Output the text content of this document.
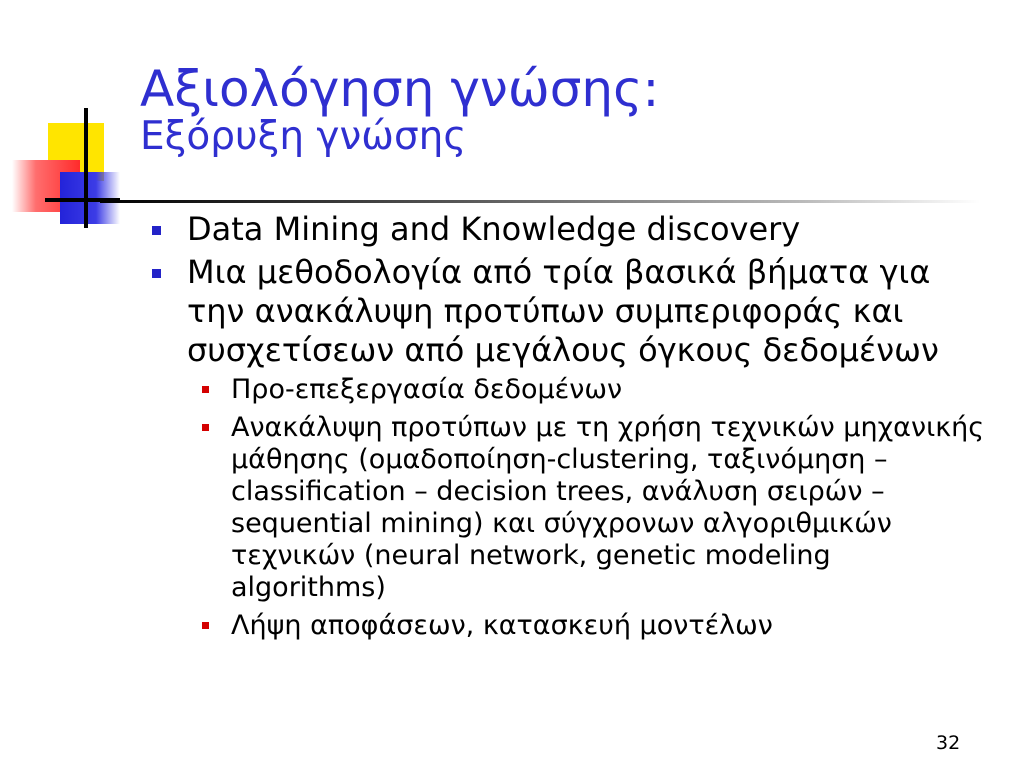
Αξιολόγηση γνώσης:
Εξόρυξη γνώσης
Data Mining and Knowledge discovery
Μια μεθοδολογία από τρία βασικά βήματα για την ανακάλυψη προτύπων συμπεριφοράς και συσχετίσεων από μεγάλους όγκους δεδομένων
Προ-επεξεργασία δεδομένων
Ανακάλυψη προτύπων με τη χρήση τεχνικών μηχανικής μάθησης (ομαδοποίηση-clustering, ταξινόμηση – classification – decision trees, ανάλυση σειρών – sequential mining) και σύγχρονων αλγοριθμικών τεχνικών (neural network, genetic modeling algorithms)
Λήψη αποφάσεων, κατασκευή μοντέλων
32
